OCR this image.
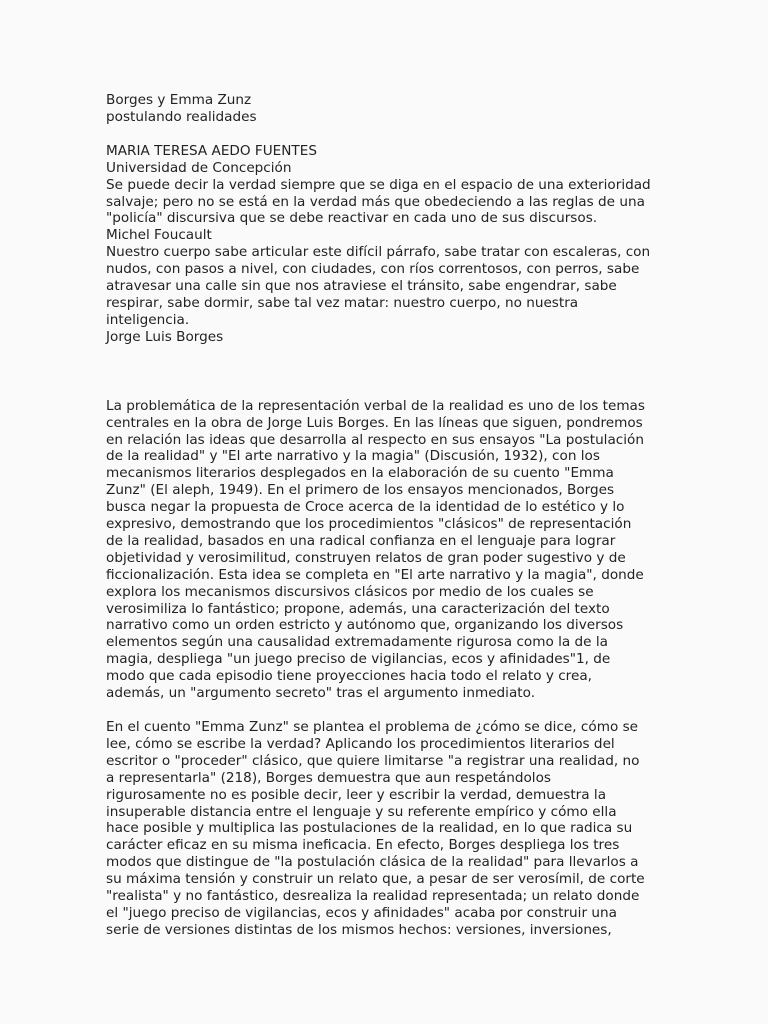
Borges y Emma Zunz
postulando realidades
MARIA TERESA AEDO FUENTES
Universidad de Concepción
Se puede decir la verdad siempre que se diga en el espacio de una exterioridad
salvaje; pero no se está en la verdad más que obedeciendo a las reglas de una
"policía" discursiva que se debe reactivar en cada uno de sus discursos.
Michel Foucault
Nuestro cuerpo sabe articular este difícil párrafo, sabe tratar con escaleras, con
nudos, con pasos a nivel, con ciudades, con ríos correntosos, con perros, sabe
atravesar una calle sin que nos atraviese el tránsito, sabe engendrar, sabe
respirar, sabe dormir, sabe tal vez matar: nuestro cuerpo, no nuestra
inteligencia.
Jorge Luis Borges
La problemática de la representación verbal de la realidad es uno de los temas
centrales en la obra de Jorge Luis Borges. En las líneas que siguen, pondremos
en relación las ideas que desarrolla al respecto en sus ensayos "La postulación
de la realidad" y "El arte narrativo y la magia" (Discusión, 1932), con los
mecanismos literarios desplegados en la elaboración de su cuento "Emma
Zunz" (El aleph, 1949). En el primero de los ensayos mencionados, Borges
busca negar la propuesta de Croce acerca de la identidad de lo estético y lo
expresivo, demostrando que los procedimientos "clásicos" de representación
de la realidad, basados en una radical confianza en el lenguaje para lograr
objetividad y verosimilitud, construyen relatos de gran poder sugestivo y de
ficcionalización. Esta idea se completa en "El arte narrativo y la magia", donde
explora los mecanismos discursivos clásicos por medio de los cuales se
verosimiliza lo fantástico; propone, además, una caracterización del texto
narrativo como un orden estricto y autónomo que, organizando los diversos
elementos según una causalidad extremadamente rigurosa como la de la
magia, despliega "un juego preciso de vigilancias, ecos y afinidades"1, de
modo que cada episodio tiene proyecciones hacia todo el relato y crea,
además, un "argumento secreto" tras el argumento inmediato.
En el cuento "Emma Zunz" se plantea el problema de ¿cómo se dice, cómo se
lee, cómo se escribe la verdad? Aplicando los procedimientos literarios del
escritor o "proceder" clásico, que quiere limitarse "a registrar una realidad, no
a representarla" (218), Borges demuestra que aun respetándolos
rigurosamente no es posible decir, leer y escribir la verdad, demuestra la
insuperable distancia entre el lenguaje y su referente empírico y cómo ella
hace posible y multiplica las postulaciones de la realidad, en lo que radica su
carácter eficaz en su misma ineficacia. En efecto, Borges despliega los tres
modos que distingue de "la postulación clásica de la realidad" para llevarlos a
su máxima tensión y construir un relato que, a pesar de ser verosímil, de corte
"realista" y no fantástico, desrealiza la realidad representada; un relato donde
el "juego preciso de vigilancias, ecos y afinidades" acaba por construir una
serie de versiones distintas de los mismos hechos: versiones, inversiones,
